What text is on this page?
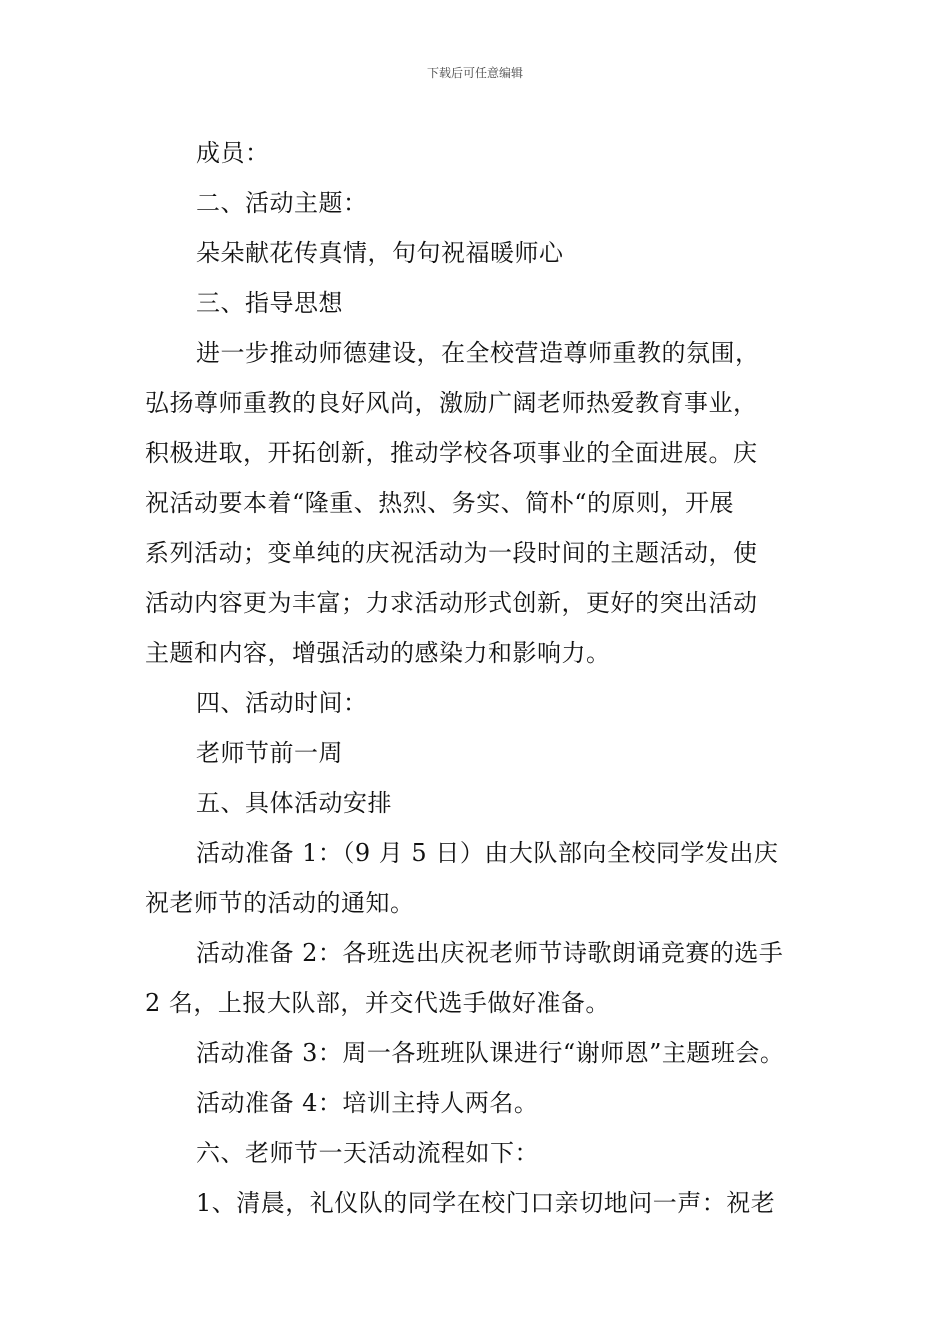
下载后可任意编辑
成员：
二、活动主题：
朵朵献花传真情，句句祝福暖师心
三、指导思想
进一步推动师德建设，在全校营造尊师重教的氛围，
弘扬尊师重教的良好风尚，激励广阔老师热爱教育事业，
积极进取，开拓创新，推动学校各项事业的全面进展。庆
祝活动要本着“隆重、热烈、务实、简朴“的原则，开展
系列活动；变单纯的庆祝活动为一段时间的主题活动，使
活动内容更为丰富；力求活动形式创新，更好的突出活动
主题和内容，增强活动的感染力和影响力。
四、活动时间：
老师节前一周
五、具体活动安排
活动准备 1：（9 月 5 日）由大队部向全校同学发出庆
祝老师节的活动的通知。
活动准备 2：各班选出庆祝老师节诗歌朗诵竞赛的选手
2 名，上报大队部，并交代选手做好准备。
活动准备 3：周一各班班队课进行“谢师恩”主题班会。
活动准备 4：培训主持人两名。
六、老师节一天活动流程如下：
1、清晨，礼仪队的同学在校门口亲切地问一声：祝老
